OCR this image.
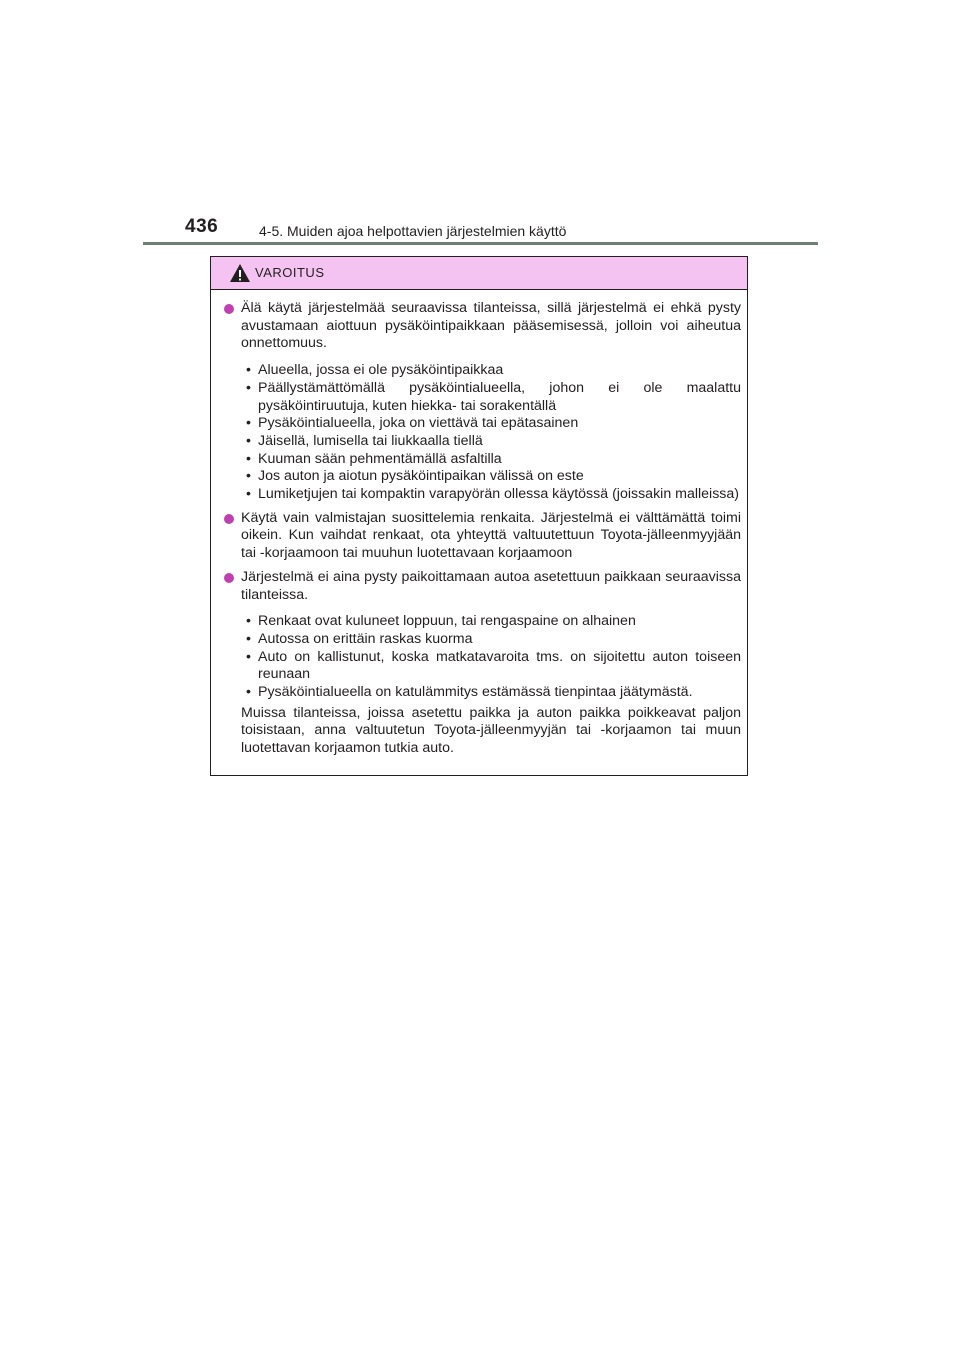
436	4-5. Muiden ajoa helpottavien järjestelmien käyttö
VAROITUS
Älä käytä järjestelmää seuraavissa tilanteissa, sillä järjestelmä ei ehkä pysty avustamaan aiottuun pysäköintipaikkaan pääsemisessä, jolloin voi aiheutua onnettomuus.
• Alueella, jossa ei ole pysäköintipaikkaa
• Päällystämättömällä pysäköintialueella, johon ei ole maalattu pysäköintiruutuja, kuten hiekka- tai sorakentällä
• Pysäköintialueella, joka on viettävä tai epätasainen
• Jäisellä, lumisella tai liukkaalla tiellä
• Kuuman sään pehmentämällä asfaltilla
• Jos auton ja aiotun pysäköintipaikan välissä on este
• Lumiketjujen tai kompaktin varapyörän ollessa käytössä (joissakin malleissa)
Käytä vain valmistajan suosittelemia renkaita. Järjestelmä ei välttämättä toimi oikein. Kun vaihdat renkaat, ota yhteyttä valtuutettuun Toyota-jälleenmyyjään tai -korjaamoon tai muuhun luotettavaan korjaamoon
Järjestelmä ei aina pysty paikoittamaan autoa asetettuun paikkaan seuraavissa tilanteissa.
• Renkaat ovat kuluneet loppuun, tai rengaspaine on alhainen
• Autossa on erittäin raskas kuorma
• Auto on kallistunut, koska matkatavaroita tms. on sijoitettu auton toiseen reunaan
• Pysäköintialueella on katulämmitys estämässä tienpintaa jäätymästä.
Muissa tilanteissa, joissa asetettu paikka ja auton paikka poikkeavat paljon toisistaan, anna valtuutetun Toyota-jälleenmyyjän tai -korjaamon tai muun luotettavan korjaamon tutkia auto.
